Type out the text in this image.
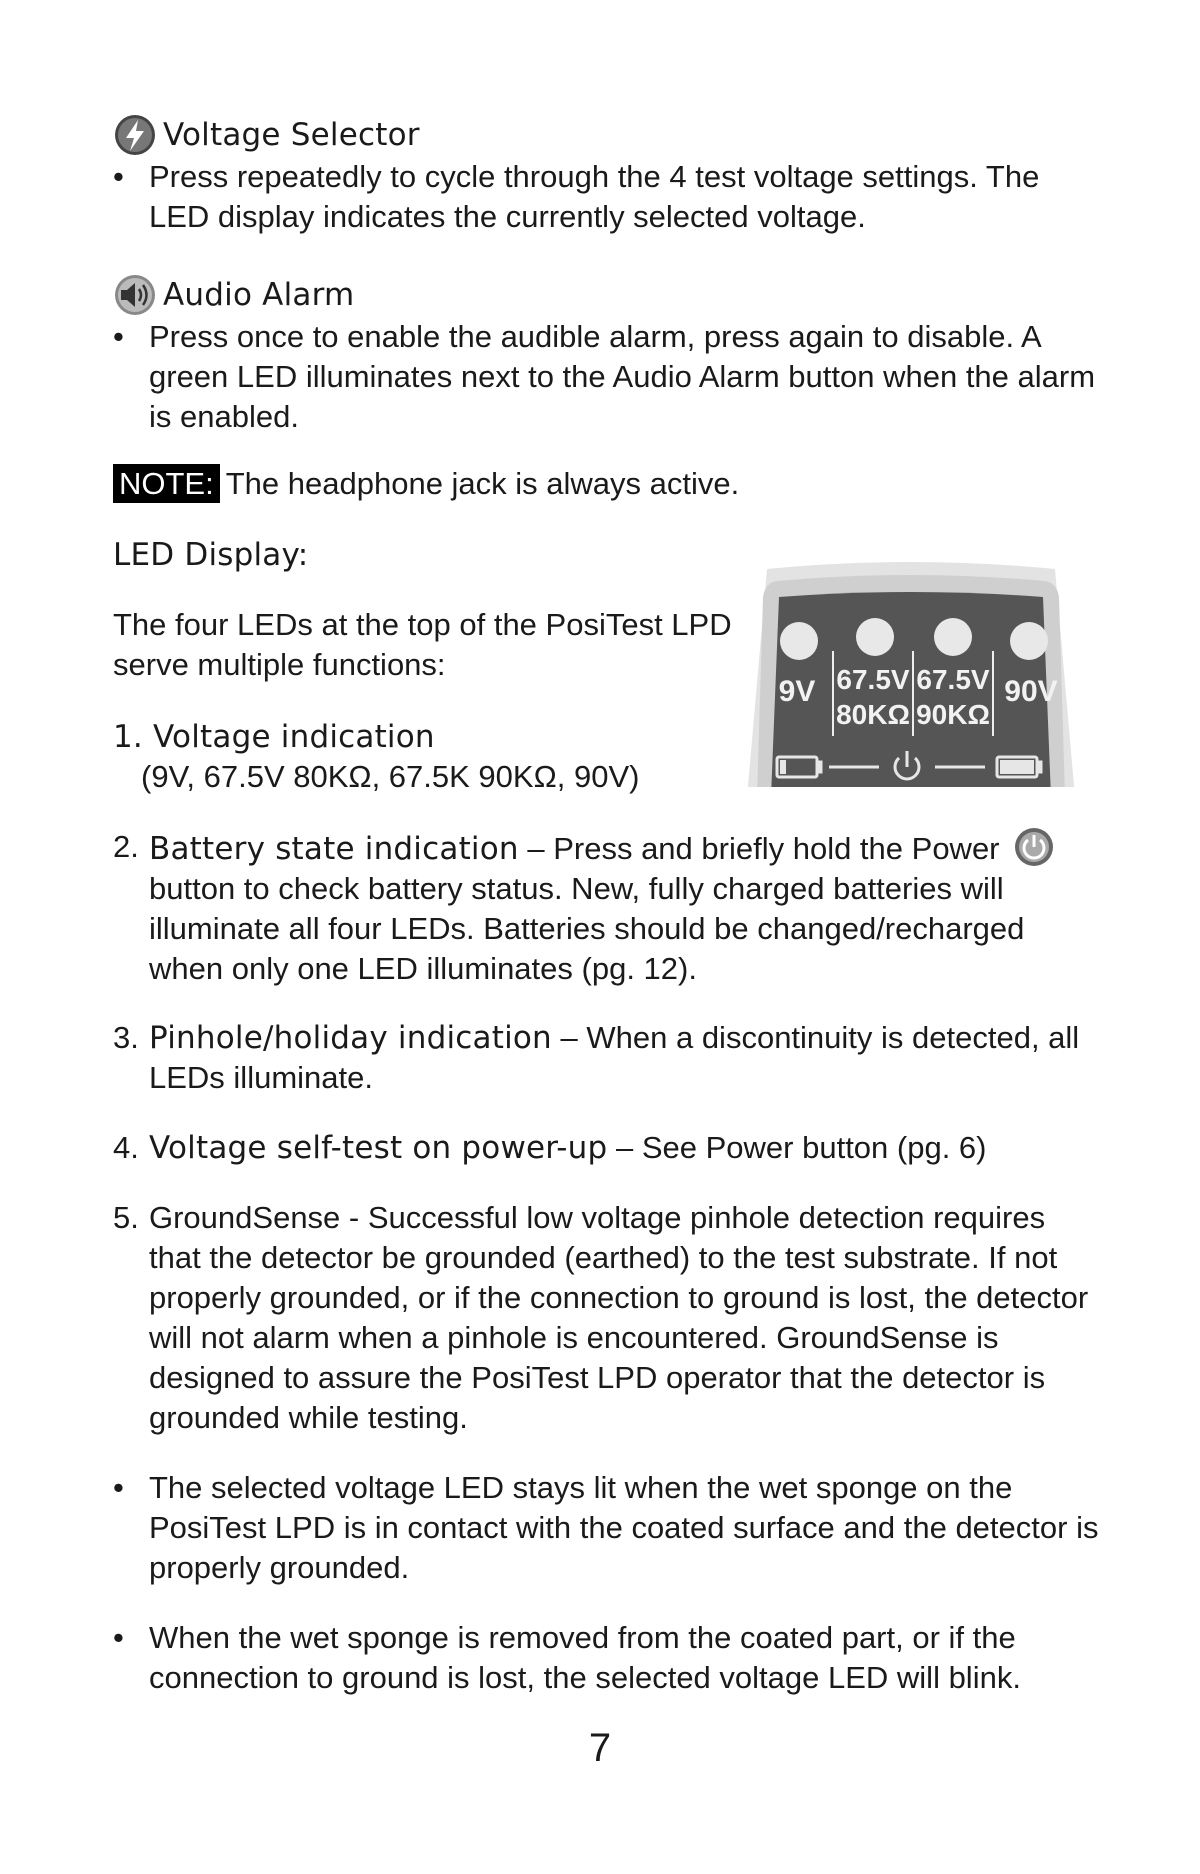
Voltage Selector
• Press repeatedly to cycle through the 4 test voltage settings. The LED display indicates the currently selected voltage.
Audio Alarm
• Press once to enable the audible alarm, press again to disable. A green LED illuminates next to the Audio Alarm button when the alarm is enabled.
NOTE: The headphone jack is always active.
LED Display:
The four LEDs at the top of the PosiTest LPD serve multiple functions:
1. Voltage indication
(9V, 67.5V 80KΩ, 67.5K 90KΩ, 90V)
9V 67.5V
80KΩ
67.5V
90KΩ
90V
2. Battery state indication – Press and briefly hold the Power  button to check battery status. New, fully charged batteries will illuminate all four LEDs. Batteries should be changed/recharged when only one LED illuminates (pg. 12).
3. Pinhole/holiday indication – When a discontinuity is detected, all LEDs illuminate.
4. Voltage self-test on power-up – See Power button (pg. 6)
5. GroundSense - Successful low voltage pinhole detection requires that the detector be grounded (earthed) to the test substrate. If not properly grounded, or if the connection to ground is lost, the detector will not alarm when a pinhole is encountered. GroundSense is designed to assure the PosiTest LPD operator that the detector is grounded while testing.
• The selected voltage LED stays lit when the wet sponge on the PosiTest LPD is in contact with the coated surface and the detector is properly grounded.
• When the wet sponge is removed from the coated part, or if the connection to ground is lost, the selected voltage LED will blink.
7
